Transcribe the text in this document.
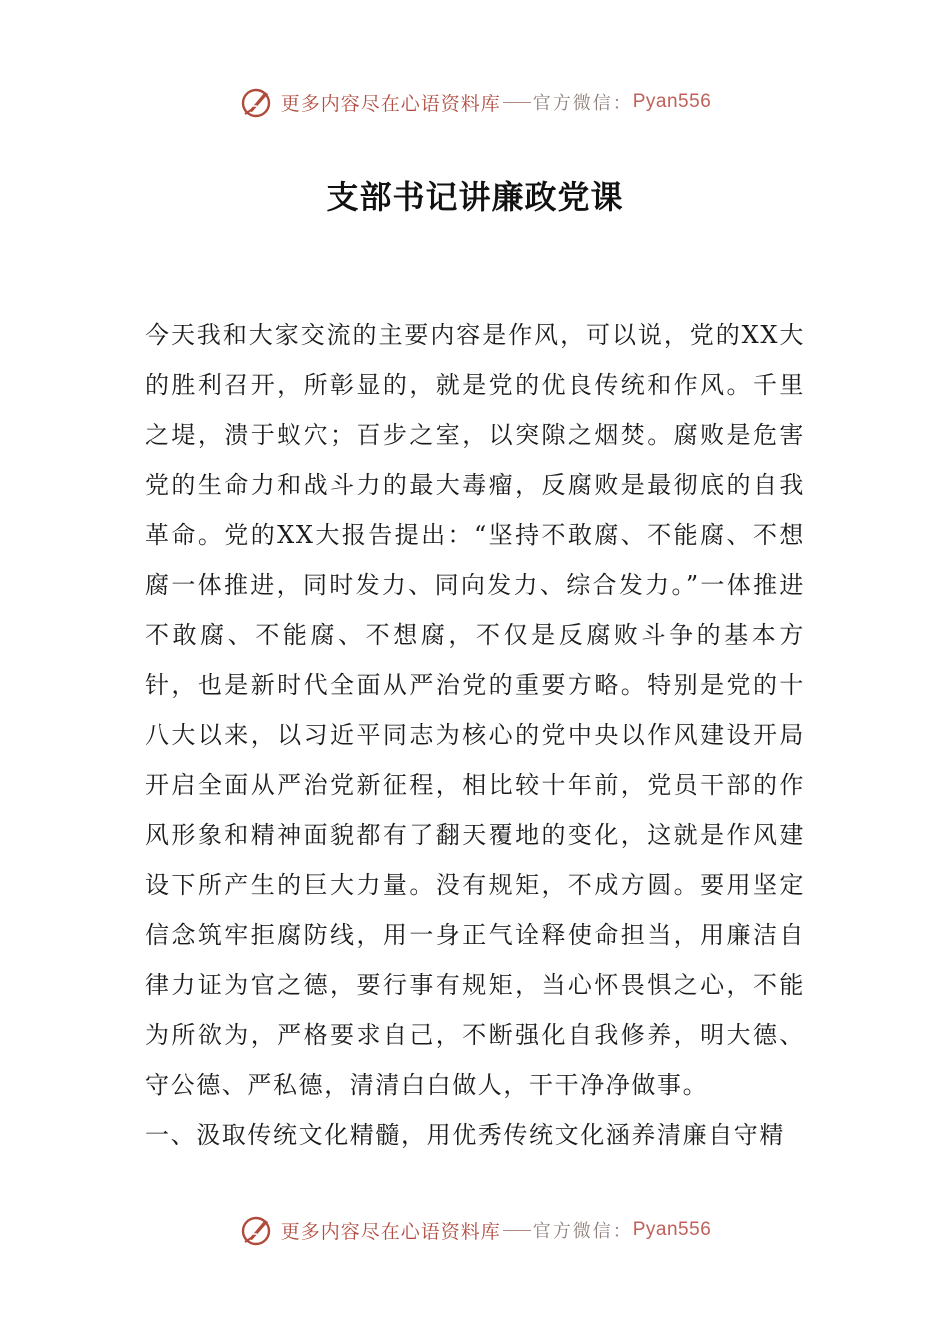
更多内容尽在心语资料库 官方微信： Pyan556
支部书记讲廉政党课

今天我和大家交流的主要内容是作风，可以说，党的XX大的胜利召开，所彰显的，就是党的优良传统和作风。千里之堤，溃于蚁穴；百步之室，以突隙之烟焚。腐败是危害党的生命力和战斗力的最大毒瘤，反腐败是最彻底的自我革命。党的XX大报告提出：“坚持不敢腐、不能腐、不想腐一体推进，同时发力、同向发力、综合发力。”一体推进不敢腐、不能腐、不想腐，不仅是反腐败斗争的基本方针，也是新时代全面从严治党的重要方略。特别是党的十八大以来，以习近平同志为核心的党中央以作风建设开局开启全面从严治党新征程，相比较十年前，党员干部的作风形象和精神面貌都有了翻天覆地的变化，这就是作风建设下所产生的巨大力量。没有规矩，不成方圆。要用坚定信念筑牢拒腐防线，用一身正气诠释使命担当，用廉洁自律力证为官之德，要行事有规矩，当心怀畏惧之心，不能为所欲为，严格要求自己，不断强化自我修养，明大德、守公德、严私德，清清白白做人，干干净净做事。

一、汲取传统文化精髓，用优秀传统文化涵养清廉自守精

更多内容尽在心语资料库 官方微信： Pyan556
